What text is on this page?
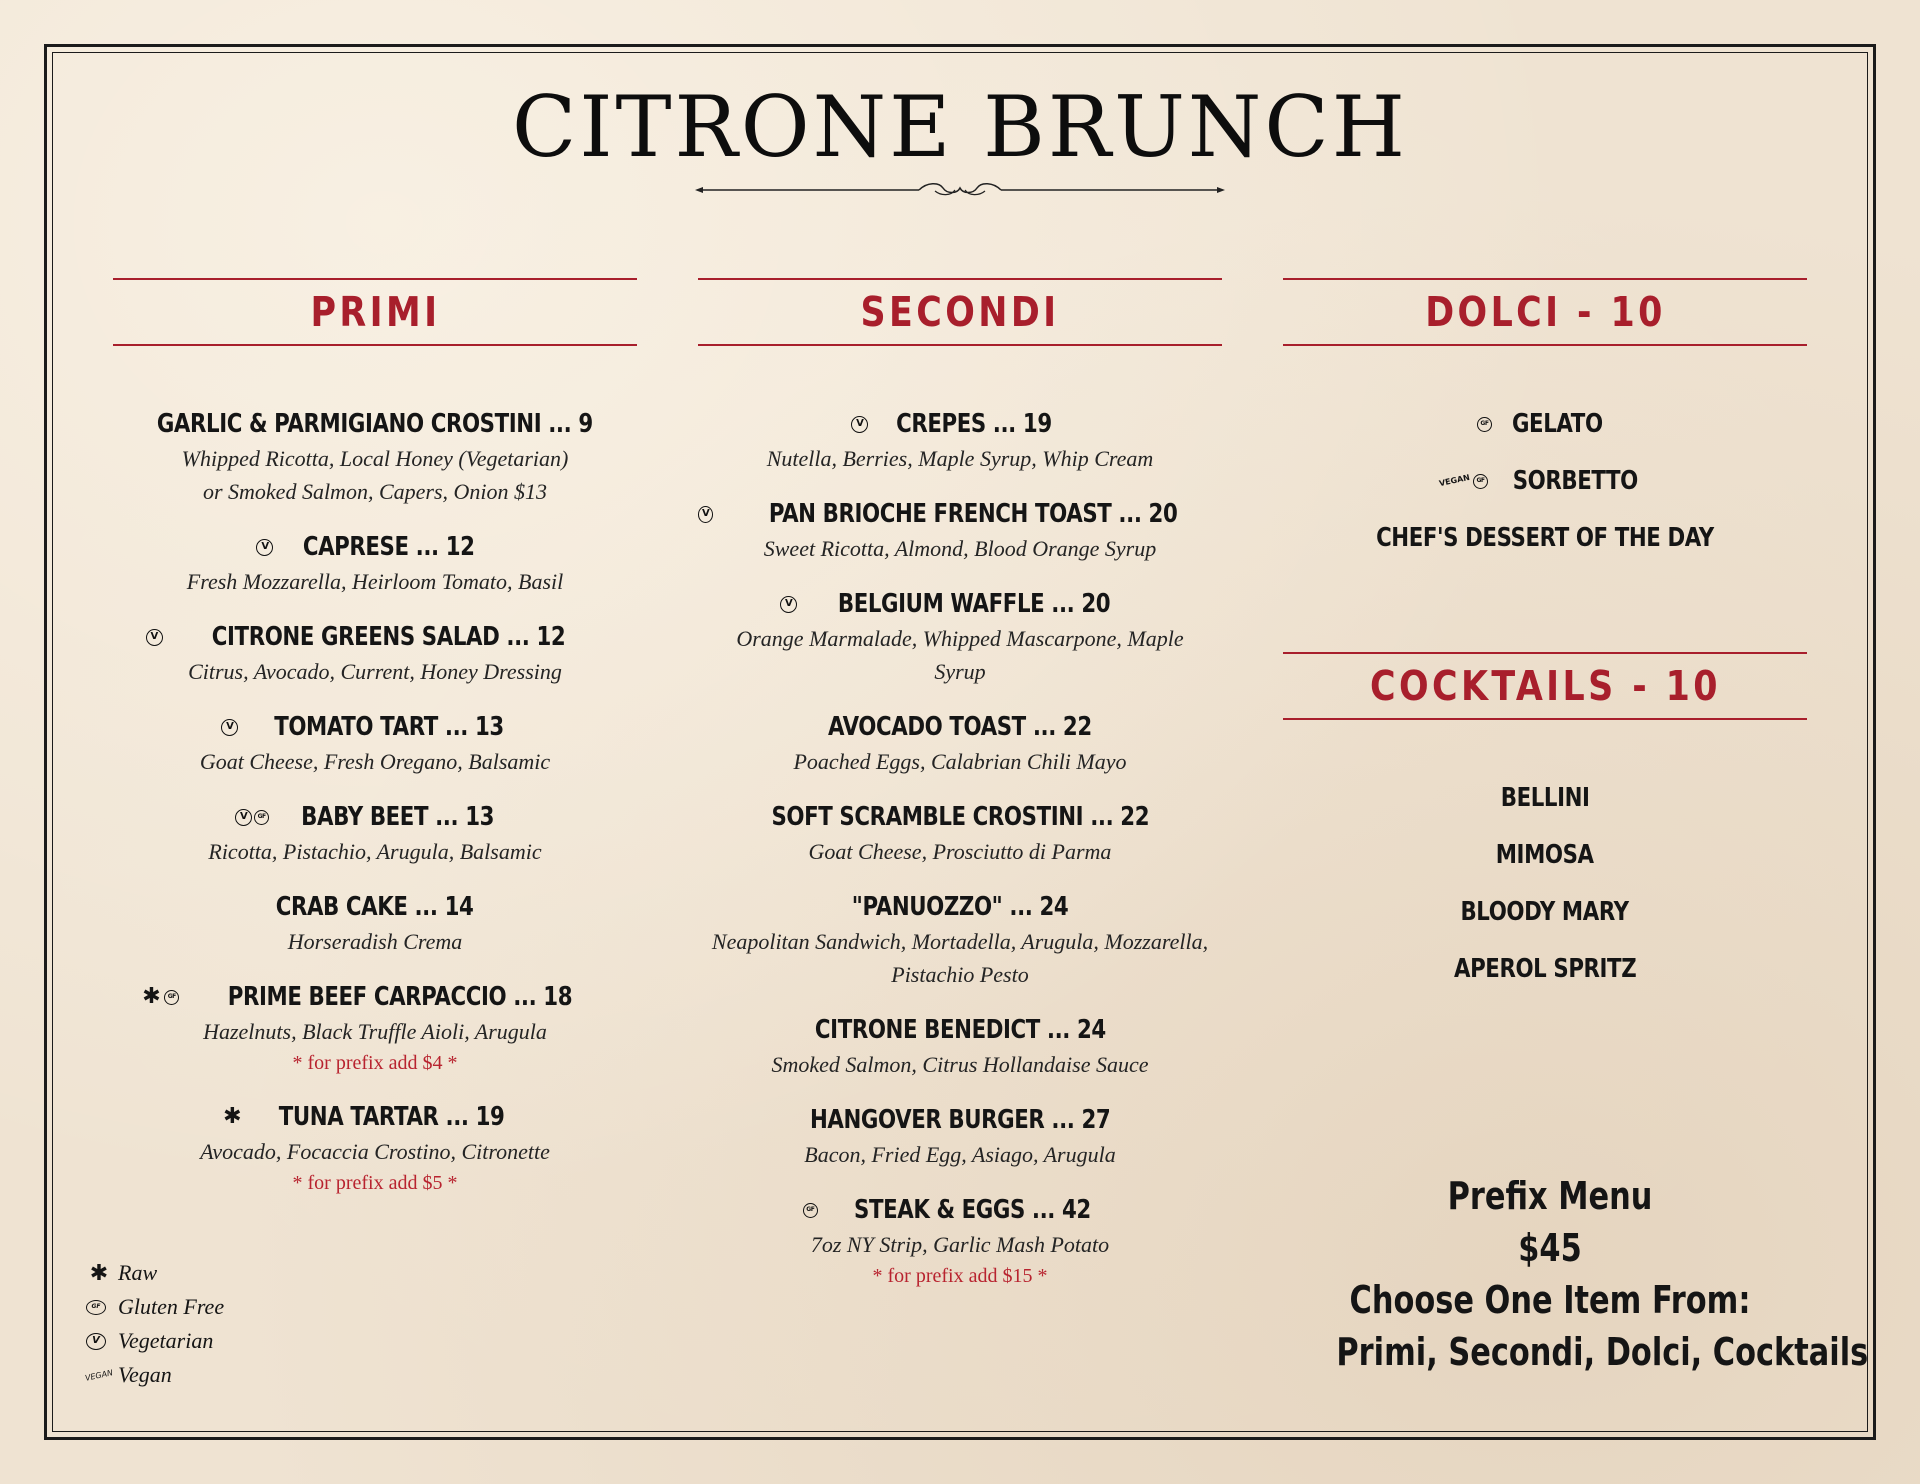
CITRONE BRUNCH
PRIMI
GARLIC & PARMIGIANO CROSTINI ... 9
Whipped Ricotta, Local Honey (Vegetarian)
or Smoked Salmon, Capers, Onion $13
V
CAPRESE ... 12
Fresh Mozzarella, Heirloom Tomato, Basil
V
CITRONE GREENS SALAD ... 12
Citrus, Avocado, Current, Honey Dressing
V
TOMATO TART ... 13
Goat Cheese, Fresh Oregano, Balsamic
V	GF
BABY BEET ... 13
Ricotta, Pistachio, Arugula, Balsamic
CRAB CAKE ... 14
Horseradish Crema
✱	GF
PRIME BEEF CARPACCIO ... 18
Hazelnuts, Black Truffle Aioli, Arugula
* for prefix add $4 *
✱
TUNA TARTAR ... 19
Avocado, Focaccia Crostino, Citronette
* for prefix add $5 *
SECONDI
V
CREPES ... 19
Nutella, Berries, Maple Syrup, Whip Cream
V
PAN BRIOCHE FRENCH TOAST ... 20
Sweet Ricotta, Almond, Blood Orange Syrup
V
BELGIUM WAFFLE ... 20
Orange Marmalade, Whipped Mascarpone, Maple
Syrup
AVOCADO TOAST ... 22
Poached Eggs, Calabrian Chili Mayo
SOFT SCRAMBLE CROSTINI ... 22
Goat Cheese, Prosciutto di Parma
"PANUOZZO" ... 24
Neapolitan Sandwich, Mortadella, Arugula, Mozzarella,
Pistachio Pesto
CITRONE BENEDICT ... 24
Smoked Salmon, Citrus Hollandaise Sauce
HANGOVER BURGER ... 27
Bacon, Fried Egg, Asiago, Arugula
GF
STEAK & EGGS ... 42
7oz NY Strip, Garlic Mash Potato
* for prefix add $15 *
DOLCI - 10
GF
GELATO
VEGAN GF
SORBETTO
CHEF'S DESSERT OF THE DAY
COCKTAILS - 10
BELLINI
MIMOSA
BLOODY MARY
APEROL SPRITZ
✱ Raw
GF Gluten Free
V Vegetarian
VEGAN Vegan
Prefix Menu
$45
Choose One Item From:
Primi, Secondi, Dolci, Cocktails
